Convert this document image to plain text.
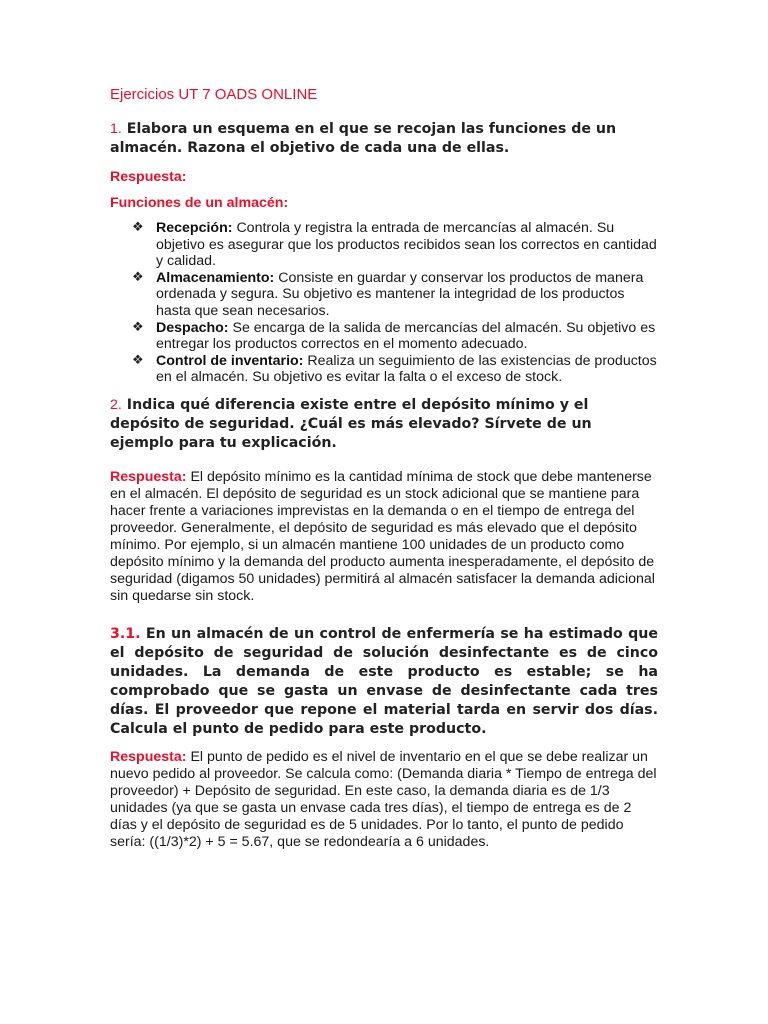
Ejercicios UT 7 OADS ONLINE
1. Elabora un esquema en el que se recojan las funciones de un almacén. Razona el objetivo de cada una de ellas.
Respuesta:
Funciones de un almacén:
❖ Recepción: Controla y registra la entrada de mercancías al almacén. Su objetivo es asegurar que los productos recibidos sean los correctos en cantidad y calidad.
❖ Almacenamiento: Consiste en guardar y conservar los productos de manera ordenada y segura. Su objetivo es mantener la integridad de los productos hasta que sean necesarios.
❖ Despacho: Se encarga de la salida de mercancías del almacén. Su objetivo es entregar los productos correctos en el momento adecuado.
❖ Control de inventario: Realiza un seguimiento de las existencias de productos en el almacén. Su objetivo es evitar la falta o el exceso de stock.
2. Indica qué diferencia existe entre el depósito mínimo y el depósito de seguridad. ¿Cuál es más elevado? Sírvete de un ejemplo para tu explicación.

Respuesta: El depósito mínimo es la cantidad mínima de stock que debe mantenerse en el almacén. El depósito de seguridad es un stock adicional que se mantiene para hacer frente a variaciones imprevistas en la demanda o en el tiempo de entrega del proveedor. Generalmente, el depósito de seguridad es más elevado que el depósito mínimo. Por ejemplo, si un almacén mantiene 100 unidades de un producto como depósito mínimo y la demanda del producto aumenta inesperadamente, el depósito de seguridad (digamos 50 unidades) permitirá al almacén satisfacer la demanda adicional sin quedarse sin stock.

3.1. En un almacén de un control de enfermería se ha estimado que el depósito de seguridad de solución desinfectante es de cinco unidades. La demanda de este producto es estable; se ha comprobado que se gasta un envase de desinfectante cada tres días. El proveedor que repone el material tarda en servir dos días. Calcula el punto de pedido para este producto.

Respuesta: El punto de pedido es el nivel de inventario en el que se debe realizar un nuevo pedido al proveedor. Se calcula como: (Demanda diaria * Tiempo de entrega del proveedor) + Depósito de seguridad. En este caso, la demanda diaria es de 1/3 unidades (ya que se gasta un envase cada tres días), el tiempo de entrega es de 2 días y el depósito de seguridad es de 5 unidades. Por lo tanto, el punto de pedido sería: ((1/3)*2) + 5 = 5.67, que se redondearía a 6 unidades.
